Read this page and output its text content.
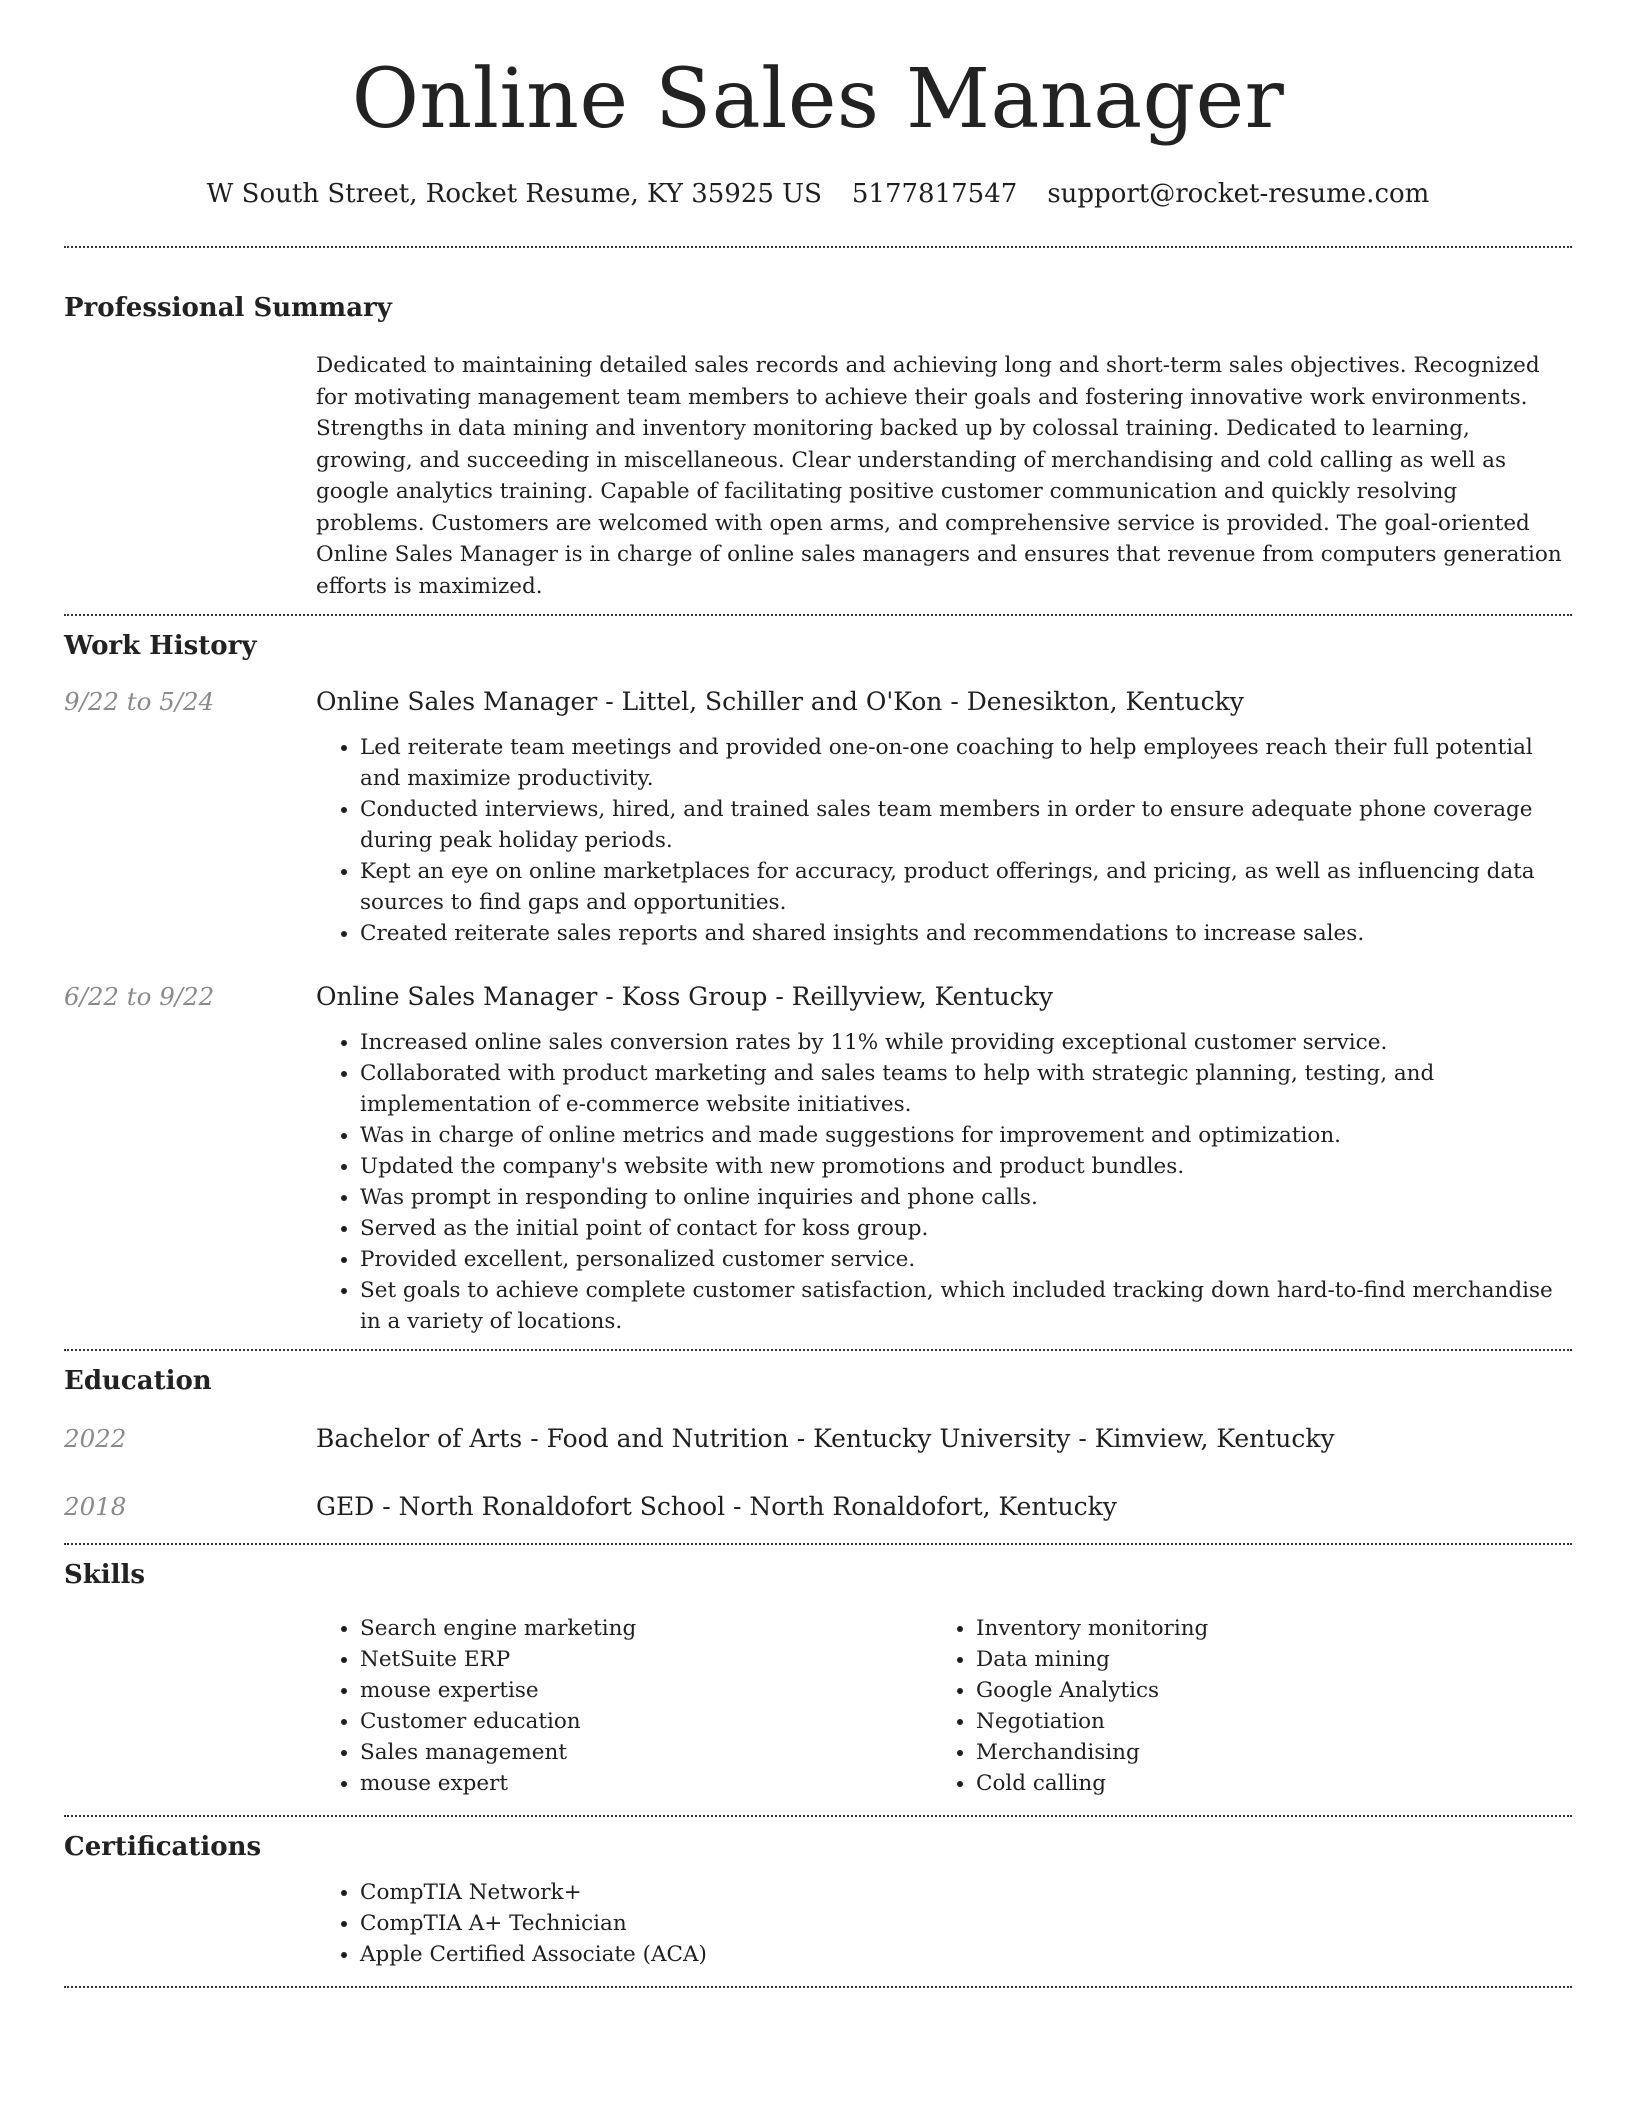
Online Sales Manager
W South Street, Rocket Resume, KY 35925 US 5177817547 support@rocket-resume.com
Professional Summary

Dedicated to maintaining detailed sales records and achieving long and short-term sales objectives. Recognized for motivating management team members to achieve their goals and fostering innovative work environments. Strengths in data mining and inventory monitoring backed up by colossal training. Dedicated to learning, growing, and succeeding in miscellaneous. Clear understanding of merchandising and cold calling as well as google analytics training. Capable of facilitating positive customer communication and quickly resolving problems. Customers are welcomed with open arms, and comprehensive service is provided. The goal-oriented Online Sales Manager is in charge of online sales managers and ensures that revenue from computers generation efforts is maximized.

Work History
9/22 to 5/24	Online Sales Manager - Littel, Schiller and O'Kon - Denesikton, Kentucky
• Led reiterate team meetings and provided one-on-one coaching to help employees reach their full potential and maximize productivity.
• Conducted interviews, hired, and trained sales team members in order to ensure adequate phone coverage during peak holiday periods.
• Kept an eye on online marketplaces for accuracy, product offerings, and pricing, as well as influencing data sources to find gaps and opportunities.
• Created reiterate sales reports and shared insights and recommendations to increase sales.
6/22 to 9/22	Online Sales Manager - Koss Group - Reillyview, Kentucky
• Increased online sales conversion rates by 11% while providing exceptional customer service.
• Collaborated with product marketing and sales teams to help with strategic planning, testing, and implementation of e-commerce website initiatives.
• Was in charge of online metrics and made suggestions for improvement and optimization.
• Updated the company's website with new promotions and product bundles.
• Was prompt in responding to online inquiries and phone calls.
• Served as the initial point of contact for koss group.
• Provided excellent, personalized customer service.
• Set goals to achieve complete customer satisfaction, which included tracking down hard-to-find merchandise in a variety of locations.
Education
2022	Bachelor of Arts - Food and Nutrition - Kentucky University - Kimview, Kentucky
2018	GED - North Ronaldofort School - North Ronaldofort, Kentucky
Skills
• Search engine marketing
• NetSuite ERP
• mouse expertise
• Customer education
• Sales management
• mouse expert
• Inventory monitoring
• Data mining
• Google Analytics
• Negotiation
• Merchandising
• Cold calling
Certifications
• CompTIA Network+
• CompTIA A+ Technician
• Apple Certified Associate (ACA)
